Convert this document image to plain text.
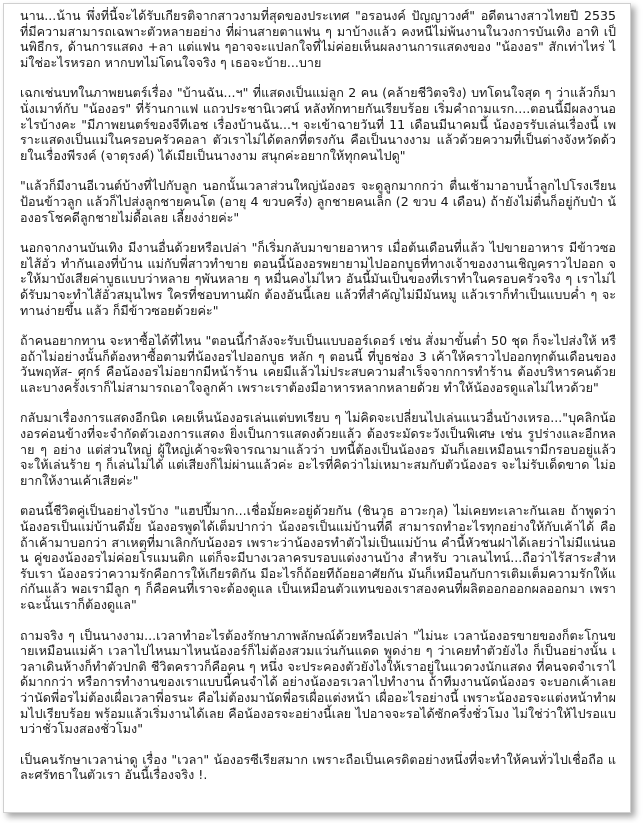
นาน...น้าน พึ่งที่นี้จะได้รับเกียรติจากสาวงามที่สุดของประเทศ "อรอนงค์ ปัญญาวงศ์" อดีตนางสาวไทยปี 2535 ที่มีความสามารถเฉพาะตัวหลายอย่าง ที่ผ่านสายตาแฟน ๆ มาบ้างแล้ว คงหนีไม่พ้นงานในวงการบันเทิง อาทิ เป็นพิธีกร, ด้านการแสดง +ลา แต่แฟน ๆอาจจะแปลกใจที่ไม่ค่อยเห็นผลงานการแสดงของ "น้องอร" สักเท่าไหร่ ไม่ใช่อะไรหรอก หากบทไม่โดนใจจริง ๆ เธอจะบ้าย...บาย

เฉกเช่นบทในภาพยนตร์เรื่อง "บ้านฉัน...ฯ" ที่แสดงเป็นแม่ลูก 2 คน (คล้ายชีวิตจริง) บทโดนใจสุด ๆ ว่าแล้วก็มานั่งเมาท์กับ "น้องอร" ที่ร้านกาแฟ แถวประชานิเวศน์ หลังทักทายกันเรียบร้อย เริ่มคำถามแรก....ตอนนี้มีผลงานอะไรบ้างคะ "มีภาพยนตร์ของจีทีเอช เรื่องบ้านฉัน...ฯ จะเข้าฉายวันที่ 11 เดือนมีนาคมนี้ น้องอรรับเล่นเรื่องนี้ เพราะแสดงเป็นแม่ในครอบครัวคอลา ตัวเราไม่ได้ตลกที่ตรงกัน คือเป็นนางงาม แล้วด้วยความที่เป็นต่างจังหวัดด้วยในเรื่องพีรงค์ (จาตุรงค์) ได้เมียเป็นนางงาม สนุกค่ะอยากให้ทุกคนไปดู"

"แล้วก็มีงานอีเวนต์บ้างที่ไปกับลูก นอกนั้นเวลาส่วนใหญ่น้องอร จะดูลูกมากกว่า ตื่นเช้ามาอาบน้ำลูกไปโรงเรียน ป้อนข้าวลูก แล้วก็ไปส่งลูกชายคนโต (อายุ 4 ขวบครึ่ง) ลูกชายคนเล็ก (2 ขวบ 4 เดือน) ถ้ายังไม่ตื่นก็อยู่กับป๋า น้องอรโชคดีลูกชายไม่ดื้อเลย เลี้ยงง่ายค่ะ"

นอกจากงานบันเทิง มีงานอื่นด้วยหรือเปล่า "ก็เริ่มกลับมาขายอาหาร เมื่อต้นเดือนที่แล้ว ไปขายอาหาร มีข้าวซอยไส้อั่ว ทำกันเองที่บ้าน แม่กับพี่สาวทำขาย ตอนนี้น้องอรพยายามไปออกบูธที่ทางเจ้าของงานเชิญคราวไปออก จะให้มาบังเสียค่าบูธแบบว่าหลาย ๆพันหลาย ๆ หมื่นคงไม่ไหว อันนี้มันเป็นของที่เราทำในครอบครัวจริง ๆ เราไม่ได้รับมาจะทำไส้อั่วสมุนไพร ใครที่ชอบทานผัก ต้องอันนี้เลย แล้วที่สำคัญไม่มีมันหมู แล้วเราก็ทำเป็นแบบค่ำ ๆ จะทานง่ายขึ้น แล้ว ก็มีข้าวซอยด้วยค่ะ"

ถ้าคนอยากทาน จะหาซื้อได้ที่ไหน "ตอนนี้กำลังจะรับเป็นแบบออร์เดอร์ เช่น สั่งมาขั้นต่ำ 50 ชุด ก็จะไปส่งให้ หรือถ้าไม่อย่างนั้นก็ต้องหาซื้อตามที่น้องอรไปออกบูธ หลัก ๆ ตอนนี้ ที่บูธช่อง 3 เค้าให้คราวไปออกทุกต้นเดือนของวันพฤหัส- ศุกร์ คือน้องอรไม่อยากมีหน้าร้าน เคยมีแล้วไม่ประสบความสำเร็จจากการทำร้าน ต้องบริหารคนด้วย และบางครั้งเราก็ไม่สามารถเอาใจลูกค้า เพราะเราต้องมีอาหารหลากหลายด้วย ทำให้น้องอรดูแลไม่ไหวด้วย"

กลับมาเรื่องการแสดงอีกนิด เคยเห็นน้องอรเล่นแต่บทเรียบ ๆ ไม่คิดจะเปลี่ยนไปเล่นแนวอื่นบ้างเหรอ..."บุคลิกน้องอรค่อนข้างที่จะจำกัดตัวเองการแสดง ยิ่งเป็นการแสดงด้วยแล้ว ต้องระมัดระวังเป็นพิเศษ เช่น รูปร่างและอีกหลาย ๆ อย่าง แต่ส่วนใหญ่ ผู้ใหญ่เค้าจะพิจารณามาแล้วว่า บทนี้ต้องเป็นน้องอร มันก็เลยเหมือนเรามีกรอบอยู่แล้ว จะให้เล่นร้าย ๆ ก็เล่นไม่ได้ แต่เสียงก็ไม่ผ่านแล้วค่ะ อะไรที่คิดว่าไม่เหมาะสมกับตัวน้องอร จะไม่รับเด็ดขาด ไม่อยากให้งานเค้าเสียค่ะ"

ตอนนี้ชีวิตคู่เป็นอย่างไรบ้าง "แฮปปี้มาก...เชื่อมั้ยคะอยู่ด้วยกัน (ชินวุธ อาวะกุล) ไม่เคยทะเลาะกันเลย ถ้าพูดว่าน้องอรเป็นแม่บ้านดีมั้ย น้องอรพูดได้เต็มปากว่า น้องอรเป็นแม่บ้านที่ดี สามารถทำอะไรทุกอย่างให้กับเค้าได้ คือถ้าเค้ามาบอกว่า สาเหตุที่มาเลิกกับน้องอร เพราะว่าน้องอรทำตัวไม่เป็นแม่บ้าน คำนี้หัวชนฝาได้เลยว่าไม่มีแน่นอน คู่ของน้องอรไม่ค่อยโรแมนติก แต่ก็จะมีบางเวลาครบรอบแต่งงานบ้าง สำหรับ วาเลนไทน์...ถือว่าไร้สาระสำหรับเรา น้องอรว่าความรักคือการให้เกียรติกัน มีอะไรก็ถ้อยทีถ้อยอาศัยกัน มันก็เหมือนกับการเติมเต็มความรักให้แก่กันแล้ว พอเรามีลูก ๆ ก็คือคนที่เราจะต้องดูแล เป็นเหมือนตัวแทนของเราสองคนที่ผลิตออกออกผลออกมา เพราะฉะนั้นเราก็ต้องดูแล"

ถามจริง ๆ เป็นนางงาม...เวลาทำอะไรต้องรักษาภาพลักษณ์ด้วยหรือเปล่า "ไม่นะ เวลาน้องอรขายของก็ตะโกนขายเหมือนแม่ค้า เวลาไปไหนมาไหนน้องอร์ก็ไม่ต้องสวมแว่นกันแดด พูดง่าย ๆ ว่าเคยทำตัวยังไง ก็เป็นอย่างนั้น เวลาเดินห้างก็ทำตัวปกติ ชีวิตคราวก็คือคน ๆ หนึ่ง จะประคองตัวยังไงให้เราอยู่ในแวดวงนักแสดง ที่คนจดจำเราได้มากกว่า หรือการทำงานของเราแบบนี้คนจำได้ อย่างน้องอรเวลาไปทำงาน ถ้าทีมงานนัดน้องอร จะบอกเค้าเลยว่านัดพี่อรไม่ต้องเผื่อเวลาพี่อรนะ คือไม่ต้องมานัดพี่อรเผื่อแต่งหน้า เผื่ออะไรอย่างนี้ เพราะน้องอรจะแต่งหน้าทำผมไปเรียบร้อย พร้อมแล้วเริ่มงานได้เลย คือน้องอรจะอย่างนี้เลย ไปอาจจะรอได้ซักครึ่งชั่วโมง ไม่ใช่ว่าให้ไปรอแบบว่าชั่วโมงสองชั่วโมง"

เป็นคนรักษาเวลาน่าดู เรื่อง "เวลา" น้องอรซีเรียสมาก เพราะถือเป็นเครดิตอย่างหนึ่งที่จะทำให้คนทั่วไปเชื่อถือ และศรัทธาในตัวเรา อันนี้เรื่องจริง !.
